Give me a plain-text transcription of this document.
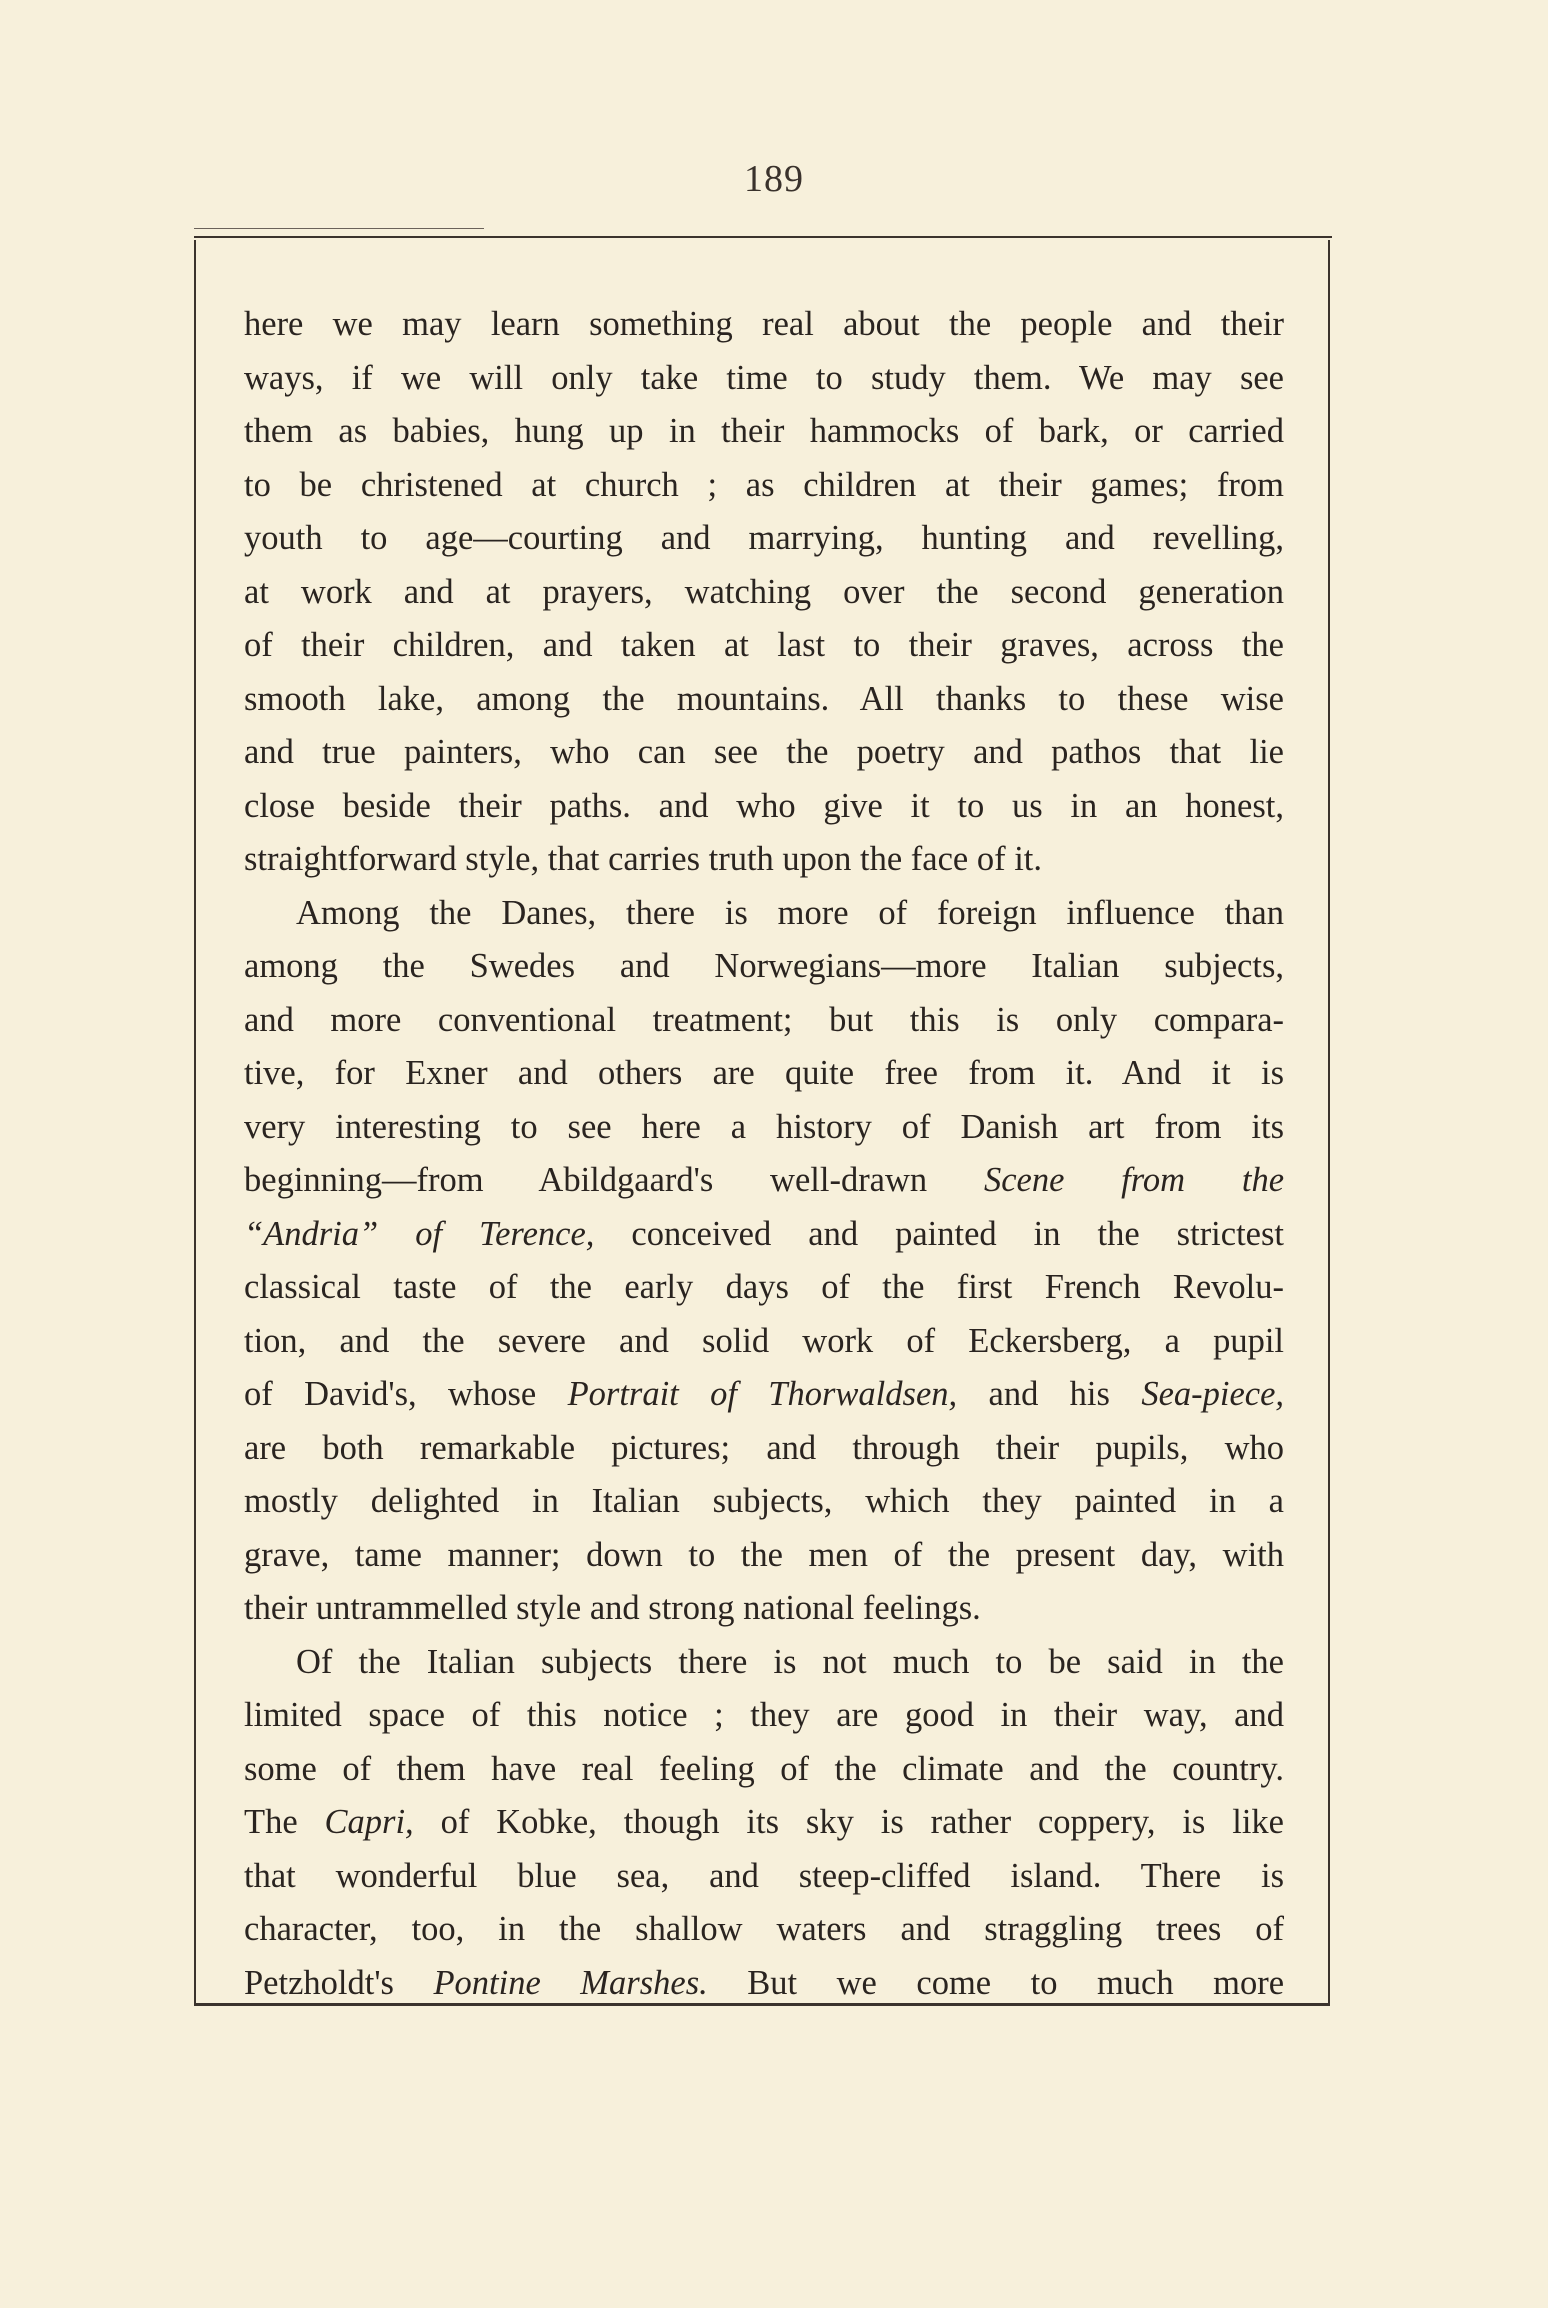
189
here we may learn something real about the people and their
ways, if we will only take time to study them. We may see
them as babies, hung up in their hammocks of bark, or carried
to be christened at church ; as children at their games; from
youth to age—courting and marrying, hunting and revelling,
at work and at prayers, watching over the second generation
of their children, and taken at last to their graves, across the
smooth lake, among the mountains. All thanks to these wise
and true painters, who can see the poetry and pathos that lie
close beside their paths. and who give it to us in an honest,
straightforward style, that carries truth upon the face of it.
Among the Danes, there is more of foreign influence than
among the Swedes and Norwegians—more Italian subjects,
and more conventional treatment; but this is only compara-
tive, for Exner and others are quite free from it. And it is
very interesting to see here a history of Danish art from its
beginning—from Abildgaard's well-drawn Scene from the
“Andria” of Terence, conceived and painted in the strictest
classical taste of the early days of the first French Revolu-
tion, and the severe and solid work of Eckersberg, a pupil
of David's, whose Portrait of Thorwaldsen, and his Sea-piece,
are both remarkable pictures; and through their pupils, who
mostly delighted in Italian subjects, which they painted in a
grave, tame manner; down to the men of the present day, with
their untrammelled style and strong national feelings.
Of the Italian subjects there is not much to be said in the
limited space of this notice ; they are good in their way, and
some of them have real feeling of the climate and the country.
The Capri, of Kobke, though its sky is rather coppery, is like
that wonderful blue sea, and steep-cliffed island. There is
character, too, in the shallow waters and straggling trees of
Petzholdt's Pontine Marshes. But we come to much more
